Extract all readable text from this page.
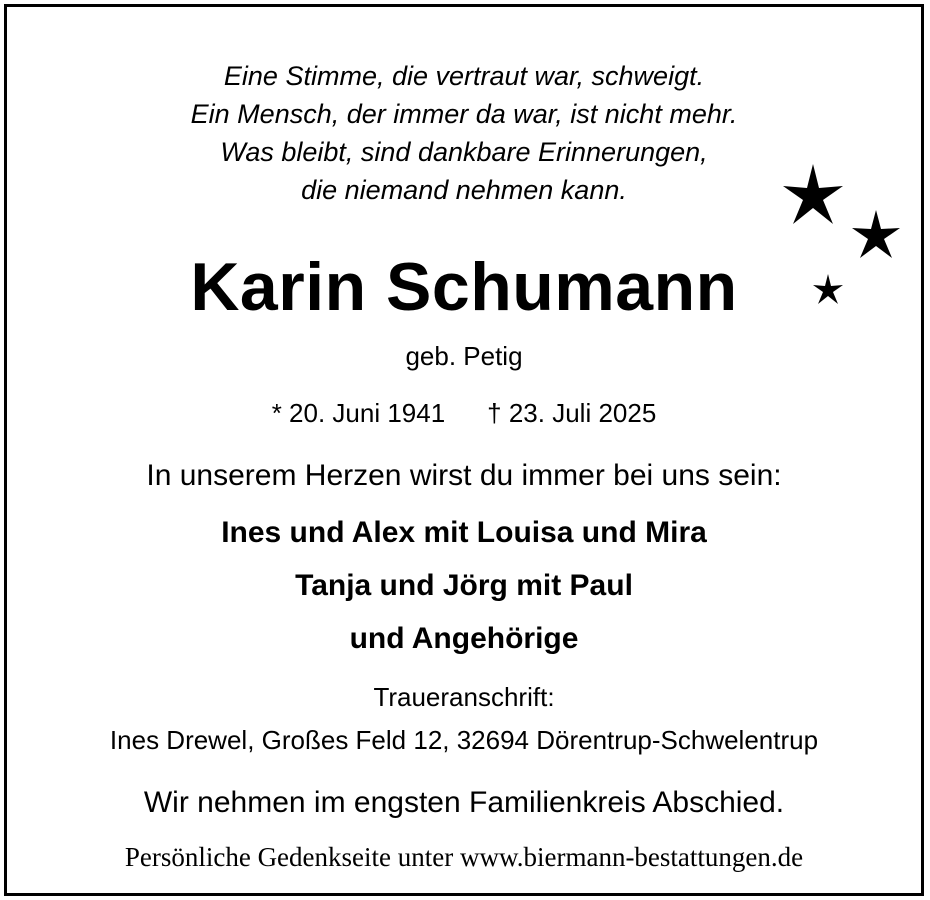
Eine Stimme, die vertraut war, schweigt.
Ein Mensch, der immer da war, ist nicht mehr.
Was bleibt, sind dankbare Erinnerungen,
die niemand nehmen kann.
Karin Schumann
geb. Petig
* 20. Juni 1941 † 23. Juli 2025
In unserem Herzen wirst du immer bei uns sein:
Ines und Alex mit Louisa und Mira
Tanja und Jörg mit Paul
und Angehörige
Traueranschrift:
Ines Drewel, Großes Feld 12, 32694 Dörentrup-Schwelentrup
Wir nehmen im engsten Familienkreis Abschied.
Persönliche Gedenkseite unter www.biermann-bestattungen.de
